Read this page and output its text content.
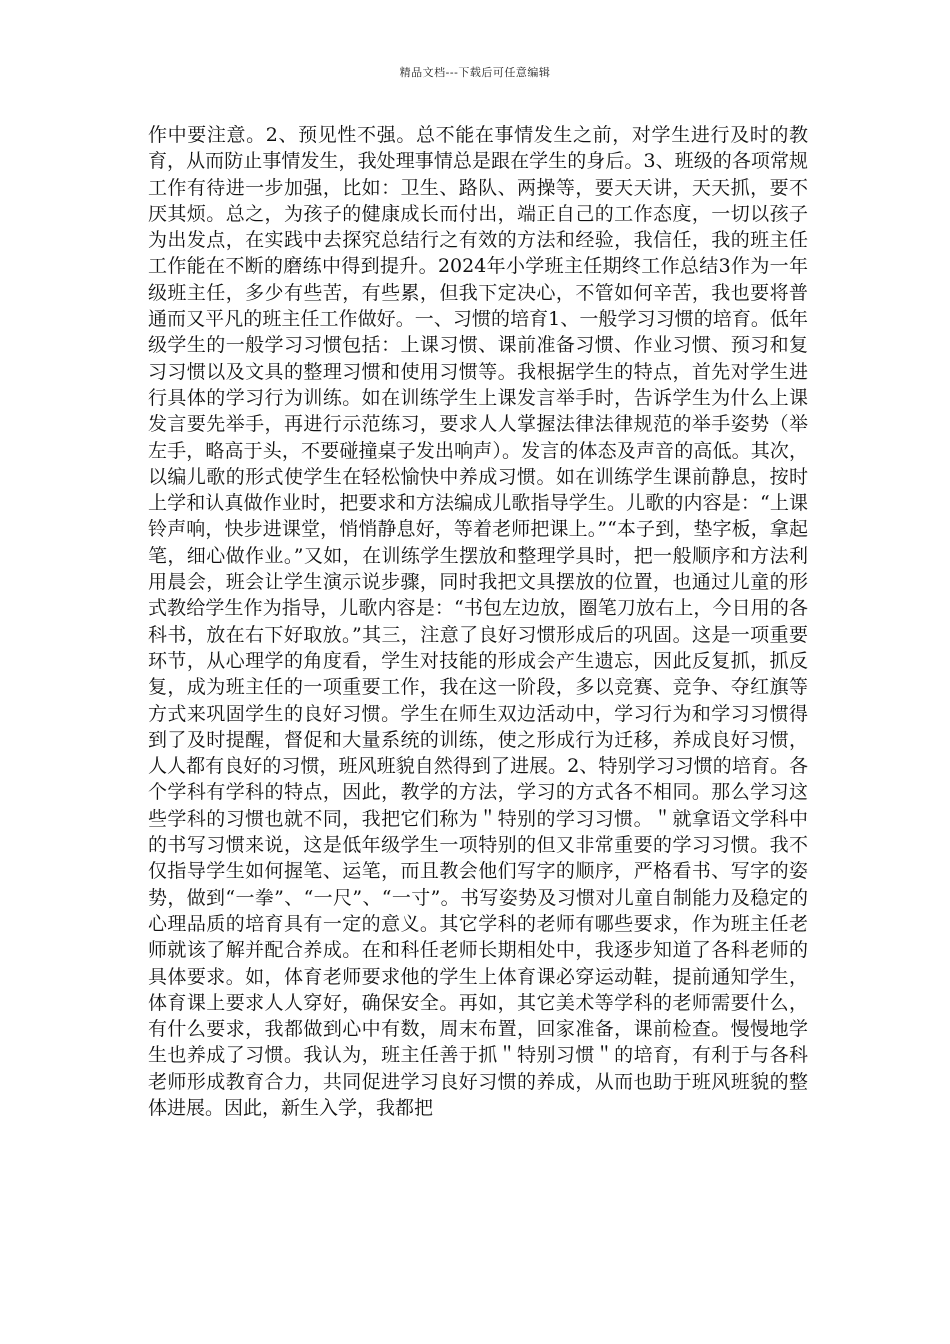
精品文档---下载后可任意编辑

作中要注意。2、预见性不强。总不能在事情发生之前，对学生进行及时的教育，从而防止事情发生，我处理事情总是跟在学生的身后。3、班级的各项常规工作有待进一步加强，比如：卫生、路队、两操等，要天天讲，天天抓，要不厌其烦。总之，为孩子的健康成长而付出，端正自己的工作态度，一切以孩子为出发点，在实践中去探究总结行之有效的方法和经验，我信任，我的班主任工作能在不断的磨练中得到提升。2024年小学班主任期终工作总结3作为一年级班主任，多少有些苦，有些累，但我下定决心，不管如何辛苦，我也要将普通而又平凡的班主任工作做好。一、习惯的培育1、一般学习习惯的培育。低年级学生的一般学习习惯包括：上课习惯、课前准备习惯、作业习惯、预习和复习习惯以及文具的整理习惯和使用习惯等。我根据学生的特点，首先对学生进行具体的学习行为训练。如在训练学生上课发言举手时，告诉学生为什么上课发言要先举手，再进行示范练习，要求人人掌握法律法律规范的举手姿势（举左手，略高于头，不要碰撞桌子发出响声）。发言的体态及声音的高低。其次，以编儿歌的形式使学生在轻松愉快中养成习惯。如在训练学生课前静息，按时上学和认真做作业时，把要求和方法编成儿歌指导学生。儿歌的内容是：“上课铃声响，快步进课堂，悄悄静息好，等着老师把课上。”“本子到，垫字板，拿起笔，细心做作业。”又如，在训练学生摆放和整理学具时，把一般顺序和方法利用晨会，班会让学生演示说步骤，同时我把文具摆放的位置，也通过儿童的形式教给学生作为指导，儿歌内容是：“书包左边放，圈笔刀放右上，今日用的各科书，放在右下好取放。”其三，注意了良好习惯形成后的巩固。这是一项重要环节，从心理学的角度看，学生对技能的形成会产生遗忘，因此反复抓，抓反复，成为班主任的一项重要工作，我在这一阶段，多以竞赛、竞争、夺红旗等方式来巩固学生的良好习惯。学生在师生双边活动中，学习行为和学习习惯得到了及时提醒，督促和大量系统的训练，使之形成行为迁移，养成良好习惯，人人都有良好的习惯，班风班貌自然得到了进展。2、特别学习习惯的培育。各个学科有学科的特点，因此，教学的方法，学习的方式各不相同。那么学习这些学科的习惯也就不同，我把它们称为＂特别的学习习惯。＂就拿语文学科中的书写习惯来说，这是低年级学生一项特别的但又非常重要的学习习惯。我不仅指导学生如何握笔、运笔，而且教会他们写字的顺序，严格看书、写字的姿势，做到“一拳”、“一尺”、“一寸”。书写姿势及习惯对儿童自制能力及稳定的心理品质的培育具有一定的意义。其它学科的老师有哪些要求，作为班主任老师就该了解并配合养成。在和科任老师长期相处中，我逐步知道了各科老师的具体要求。如，体育老师要求他的学生上体育课必穿运动鞋，提前通知学生，体育课上要求人人穿好，确保安全。再如，其它美术等学科的老师需要什么，有什么要求，我都做到心中有数，周末布置，回家准备，课前检查。慢慢地学生也养成了习惯。我认为，班主任善于抓＂特别习惯＂的培育，有利于与各科老师形成教育合力，共同促进学习良好习惯的养成，从而也助于班风班貌的整体进展。因此，新生入学，我都把
